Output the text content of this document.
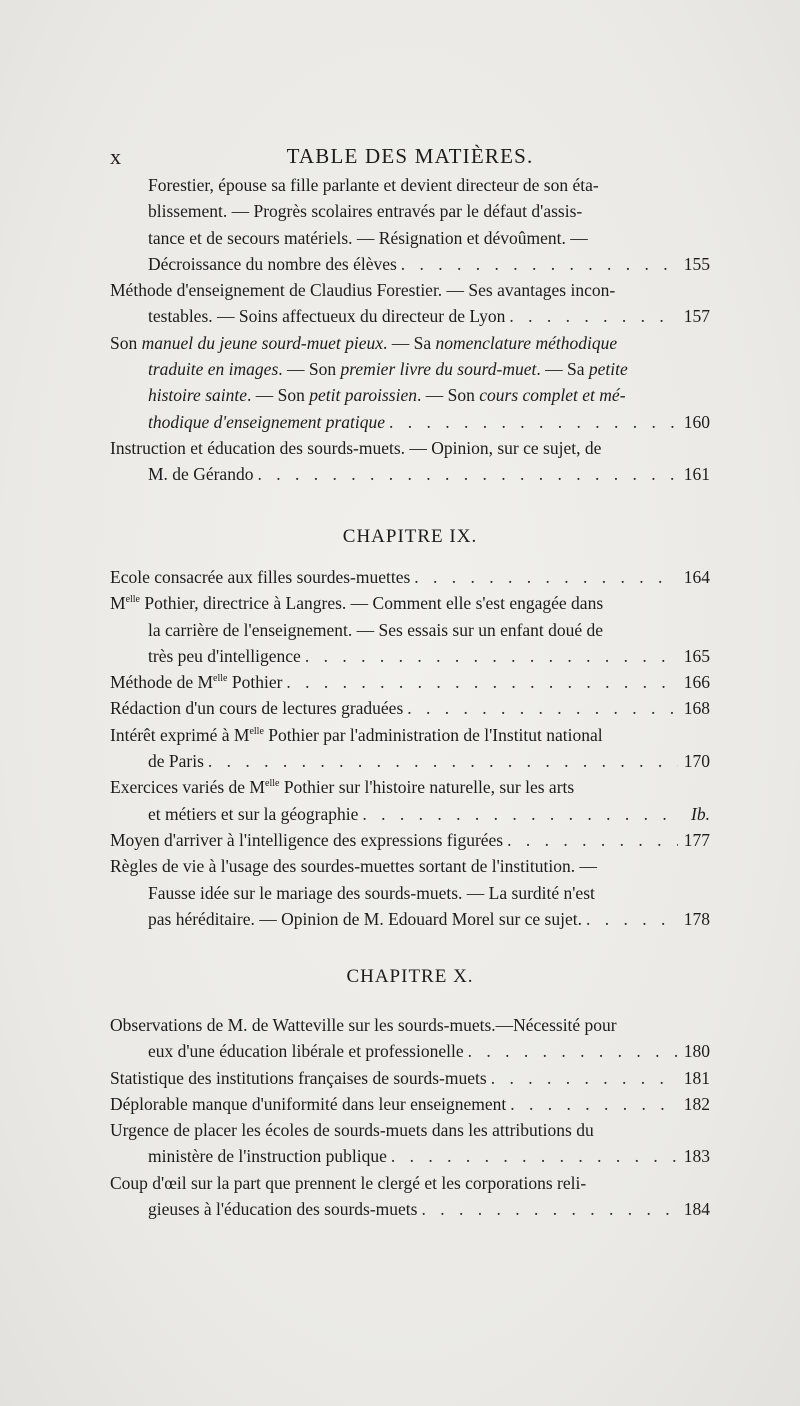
x	TABLE DES MATIÈRES.
Forestier, épouse sa fille parlante et devient directeur de son éta-
blissement. — Progrès scolaires entravés par le défaut d'assis-
tance et de secours matériels. — Résignation et dévoûment. —
Décroissance du nombre des élèves . . .	155
Méthode d'enseignement de Claudius Forestier. — Ses avantages incon-
testables. — Soins affectueux du directeur de Lyon . . .	157
Son manuel du jeune sourd-muet pieux. — Sa nomenclature méthodique
traduite en images. — Son premier livre du sourd-muet. — Sa petite
histoire sainte. — Son petit paroissien. — Son cours complet et mé-
thodique d'enseignement pratique . . .	160
Instruction et éducation des sourds-muets. — Opinion, sur ce sujet, de
M. de Gérando . . .	161
CHAPITRE IX.
Ecole consacrée aux filles sourdes-muettes . . .	164
$M^{elle}$ Pothier, directrice à Langres. — Comment elle s'est engagée dans
la carrière de l'enseignement. — Ses essais sur un enfant doué de
très peu d'intelligence . . .	165
Méthode de $M^{elle}$ Pothier . . .	166
Rédaction d'un cours de lectures graduées . . .	168
Intérêt exprimé à $M^{elle}$ Pothier par l'administration de l'Institut national
de Paris . . .	170
Exercices variés de $M^{elle}$ Pothier sur l'histoire naturelle, sur les arts
et métiers et sur la géographie . . .	Ib.
Moyen d'arriver à l'intelligence des expressions figurées . . .	177
Règles de vie à l'usage des sourdes-muettes sortant de l'institution. —
Fausse idée sur le mariage des sourds-muets. — La surdité n'est
pas héréditaire. — Opinion de M. Edouard Morel sur ce sujet. . . .	178
CHAPITRE X.
Observations de M. de Watteville sur les sourds-muets.—Nécessité pour
eux d'une éducation libérale et professionelle . . .	180
Statistique des institutions françaises de sourds-muets . . .	181
Déplorable manque d'uniformité dans leur enseignement . . .	182
Urgence de placer les écoles de sourds-muets dans les attributions du
ministère de l'instruction publique . . .	183
Coup d'œil sur la part que prennent le clergé et les corporations reli-
gieuses à l'éducation des sourds-muets . . .	184
